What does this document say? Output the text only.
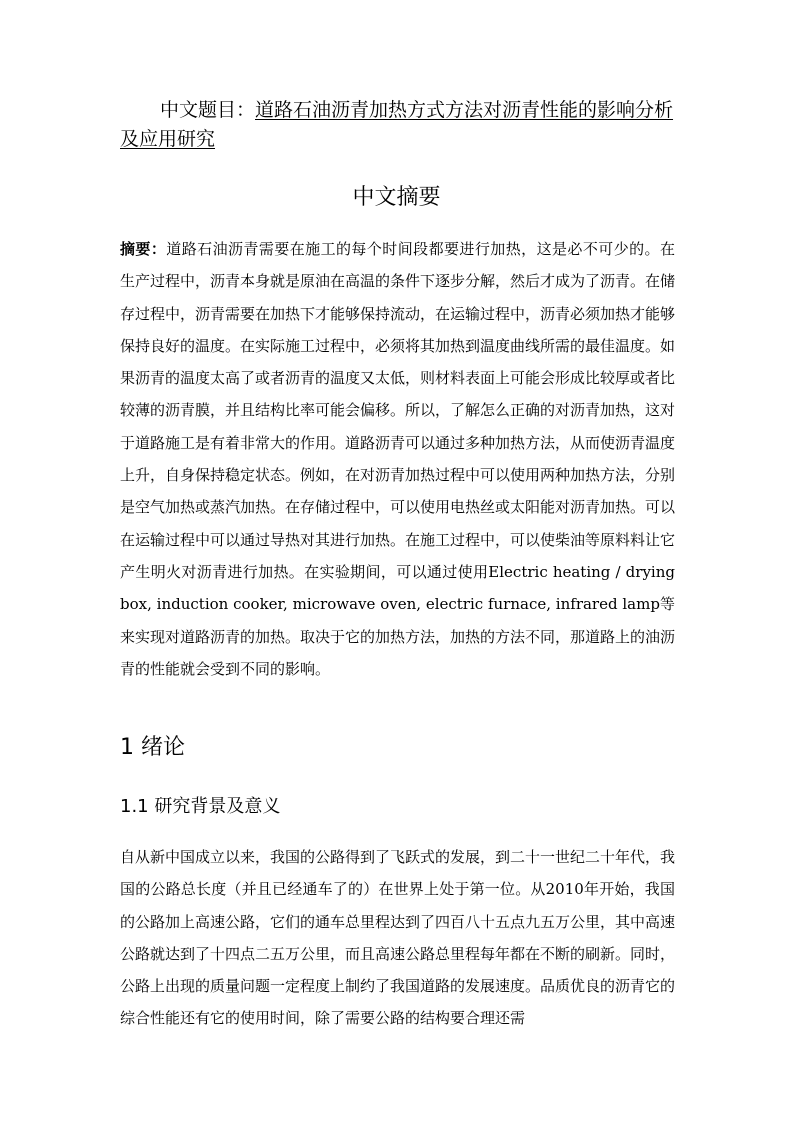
中文题目：道路石油沥青加热方式方法对沥青性能的影响分析及应用研究
中文摘要
摘要：道路石油沥青需要在施工的每个时间段都要进行加热，这是必不可少的。在生产过程中，沥青本身就是原油在高温的条件下逐步分解，然后才成为了沥青。在储存过程中，沥青需要在加热下才能够保持流动，在运输过程中，沥青必须加热才能够保持良好的温度。在实际施工过程中，必须将其加热到温度曲线所需的最佳温度。如果沥青的温度太高了或者沥青的温度又太低，则材料表面上可能会形成比较厚或者比较薄的沥青膜，并且结构比率可能会偏移。所以，了解怎么正确的对沥青加热，这对于道路施工是有着非常大的作用。道路沥青可以通过多种加热方法，从而使沥青温度上升，自身保持稳定状态。例如，在对沥青加热过程中可以使用两种加热方法，分别是空气加热或蒸汽加热。在存储过程中，可以使用电热丝或太阳能对沥青加热。可以在运输过程中可以通过导热对其进行加热。在施工过程中，可以使柴油等原料料让它产生明火对沥青进行加热。在实验期间，可以通过使用Electric heating / drying box, induction cooker, microwave oven, electric furnace, infrared lamp等来实现对道路沥青的加热。取决于它的加热方法，加热的方法不同，那道路上的油沥青的性能就会受到不同的影响。
1 绪论
1.1 研究背景及意义
自从新中国成立以来，我国的公路得到了飞跃式的发展，到二十一世纪二十年代，我国的公路总长度（并且已经通车了的）在世界上处于第一位。从2010年开始，我国的公路加上高速公路，它们的通车总里程达到了四百八十五点九五万公里，其中高速公路就达到了十四点二五万公里，而且高速公路总里程每年都在不断的刷新。同时，公路上出现的质量问题一定程度上制约了我国道路的发展速度。品质优良的沥青它的综合性能还有它的使用时间，除了需要公路的结构要合理还需
